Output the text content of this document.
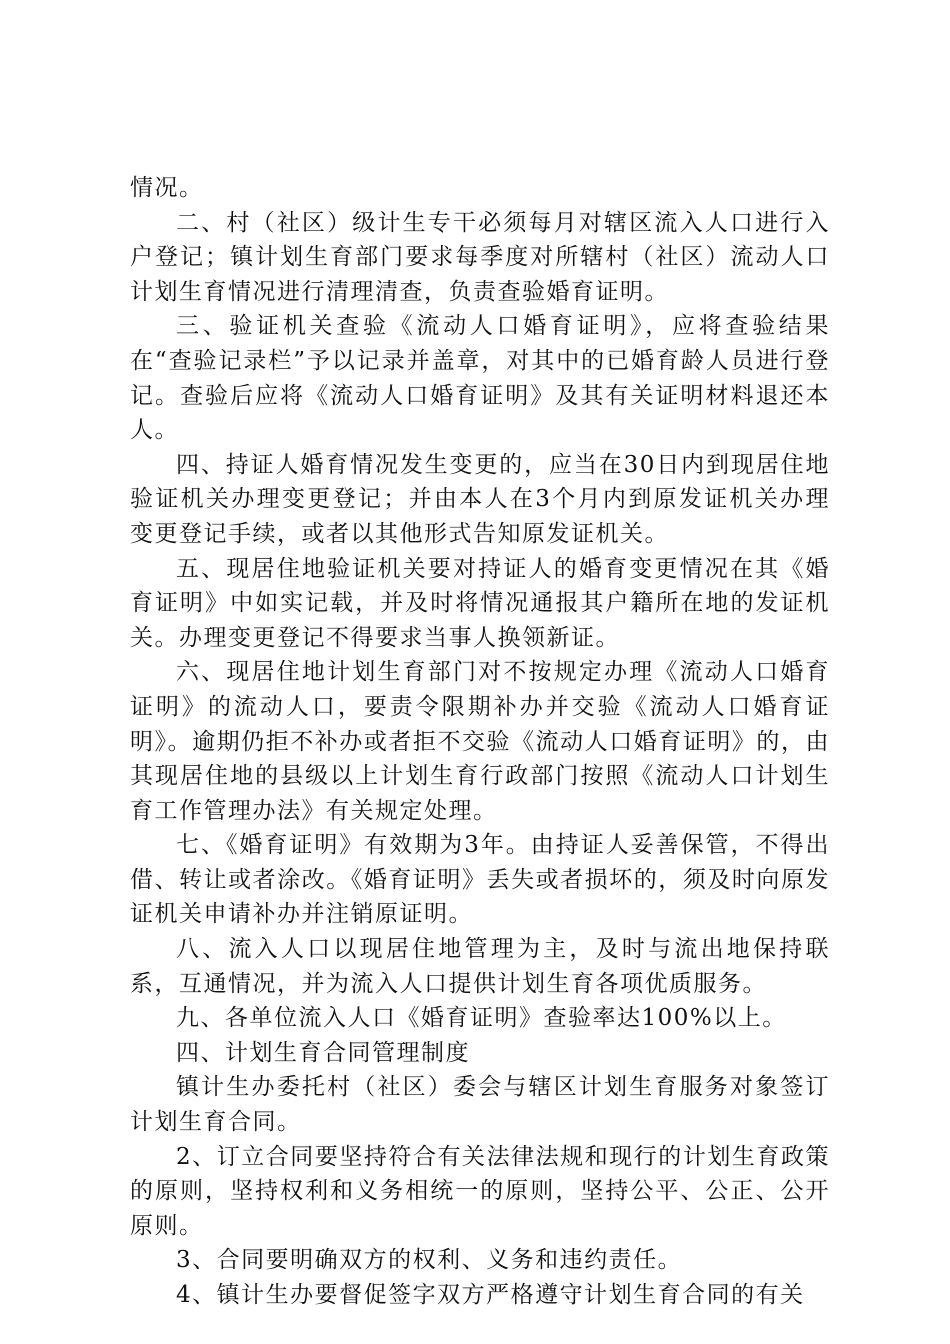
情况。

二、村（社区）级计生专干必须每月对辖区流入人口进行入户登记；镇计划生育部门要求每季度对所辖村（社区）流动人口计划生育情况进行清理清查，负责查验婚育证明。

三、验证机关查验《流动人口婚育证明》，应将查验结果在“查验记录栏”予以记录并盖章，对其中的已婚育龄人员进行登记。查验后应将《流动人口婚育证明》及其有关证明材料退还本人。

四、持证人婚育情况发生变更的，应当在30日内到现居住地验证机关办理变更登记；并由本人在3个月内到原发证机关办理变更登记手续，或者以其他形式告知原发证机关。

五、现居住地验证机关要对持证人的婚育变更情况在其《婚育证明》中如实记载，并及时将情况通报其户籍所在地的发证机关。办理变更登记不得要求当事人换领新证。

六、现居住地计划生育部门对不按规定办理《流动人口婚育证明》的流动人口，要责令限期补办并交验《流动人口婚育证明》。逾期仍拒不补办或者拒不交验《流动人口婚育证明》的，由其现居住地的县级以上计划生育行政部门按照《流动人口计划生育工作管理办法》有关规定处理。

七、《婚育证明》有效期为3年。由持证人妥善保管，不得出借、转让或者涂改。《婚育证明》丢失或者损坏的，须及时向原发证机关申请补办并注销原证明。

八、流入人口以现居住地管理为主，及时与流出地保持联系，互通情况，并为流入人口提供计划生育各项优质服务。

九、各单位流入人口《婚育证明》查验率达100%以上。

四、计划生育合同管理制度

镇计生办委托村（社区）委会与辖区计划生育服务对象签订计划生育合同。

2、订立合同要坚持符合有关法律法规和现行的计划生育政策的原则，坚持权利和义务相统一的原则，坚持公平、公正、公开原则。

3、合同要明确双方的权利、义务和违约责任。

4、镇计生办要督促签字双方严格遵守计划生育合同的有关
